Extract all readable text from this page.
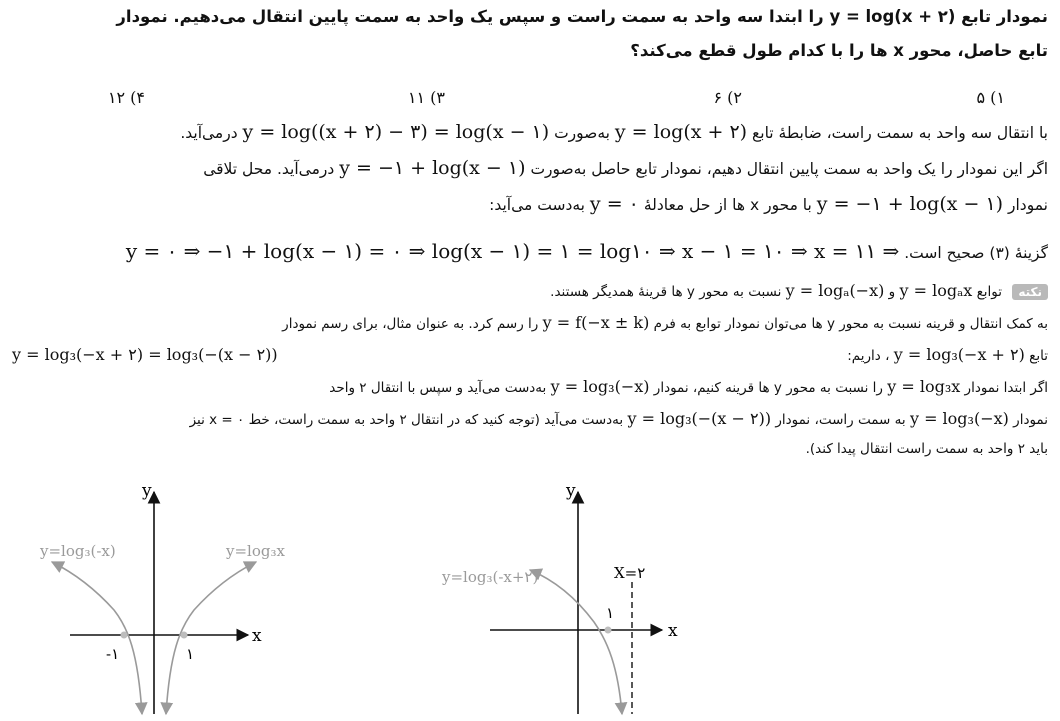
نمودار تابع y = log(x + ۲) را ابتدا سه واحد به سمت راست و سپس یک واحد به سمت پایین انتقال می‌دهیم. نمودار
تابع حاصل، محور x ها را با کدام طول قطع می‌کند؟
۱) ۵
۲) ۶
۳) ۱۱
۴) ۱۲
با انتقال سه واحد به سمت راست، ضابطهٔ تابع y = log(x + ۲) به‌صورت y = log((x + ۲) − ۳) = log(x − ۱) درمی‌آید.
اگر این نمودار را یک واحد به سمت پایین انتقال دهیم، نمودار تابع حاصل به‌صورت y = −۱ + log(x − ۱) درمی‌آید. محل تلاقی
نمودار y = −۱ + log(x − ۱) با محور x ها از حل معادلهٔ y = ۰ به‌دست می‌آید:
گزینهٔ (۳) صحیح است. y = ۰ ⇒ −۱ + log(x − ۱) = ۰ ⇒ log(x − ۱) = ۱ = log۱۰ ⇒ x − ۱ = ۱۰ ⇒ x = ۱۱ ⇒
نکته توابع y = logₐx و y = logₐ(−x) نسبت به محور y ها قرینهٔ همدیگر هستند.
به کمک انتقال و قرینه نسبت به محور y ها می‌توان نمودار توابع به فرم y = f(−x ± k) را رسم کرد. به عنوان مثال، برای رسم نمودار
تابع y = log₃(−x + ۲) ، داریم:
y = log₃(−x + ۲) = log₃(−(x − ۲))
اگر ابتدا نمودار y = log₃x را نسبت به محور y ها قرینه کنیم، نمودار y = log₃(−x) به‌دست می‌آید و سپس با انتقال ۲ واحد
نمودار y = log₃(−x) به سمت راست، نمودار y = log₃(−(x − ۲)) به‌دست می‌آید (توجه کنید که در انتقال ۲ واحد به سمت راست، خط x = ۰ نیز
باید ۲ واحد به سمت راست انتقال پیدا کند).
x
y
-۱	۱
y=log₃(-x)	y=log₃x
x
y
۱
y=log₃(-x+۲)	X=۲
